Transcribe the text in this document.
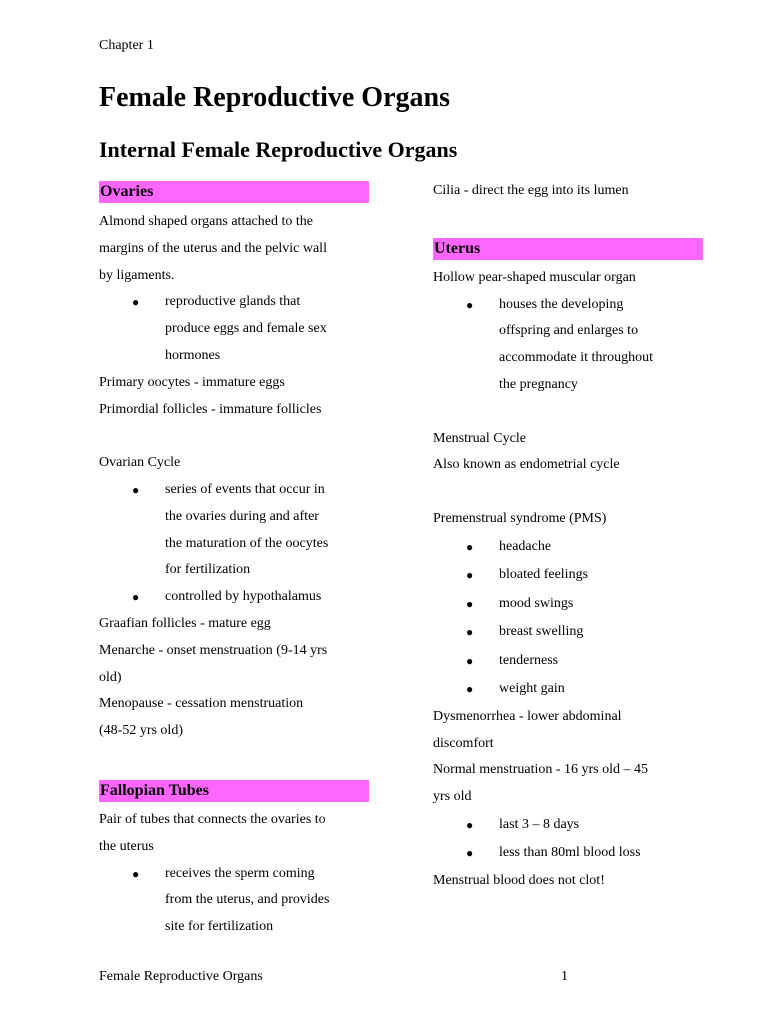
Chapter 1
Female Reproductive Organs
Internal Female Reproductive Organs
Ovaries

Almond shaped organs attached to the

margins of the uterus and the pelvic wall

by ligaments.

● reproductive glands that

produce eggs and female sex

hormones

Primary oocytes - immature eggs

Primordial follicles - immature follicles

Ovarian Cycle

● series of events that occur in

the ovaries during and after

the maturation of the oocytes

for fertilization

● controlled by hypothalamus

Graafian follicles - mature egg

Menarche - onset menstruation (9-14 yrs

old)

Menopause - cessation menstruation

(48-52 yrs old)

Fallopian Tubes

Pair of tubes that connects the ovaries to

the uterus

● receives the sperm coming

from the uterus, and provides

site for fertilization

Cilia - direct the egg into its lumen

Uterus

Hollow pear-shaped muscular organ

● houses the developing

offspring and enlarges to

accommodate it throughout

the pregnancy

Menstrual Cycle

Also known as endometrial cycle

Premenstrual syndrome (PMS)

● headache

● bloated feelings

● mood swings

● breast swelling

● tenderness

● weight gain

Dysmenorrhea - lower abdominal

discomfort

Normal menstruation - 16 yrs old – 45

yrs old

● last 3 – 8 days

● less than 80ml blood loss

Menstrual blood does not clot!

Female Reproductive Organs	1
